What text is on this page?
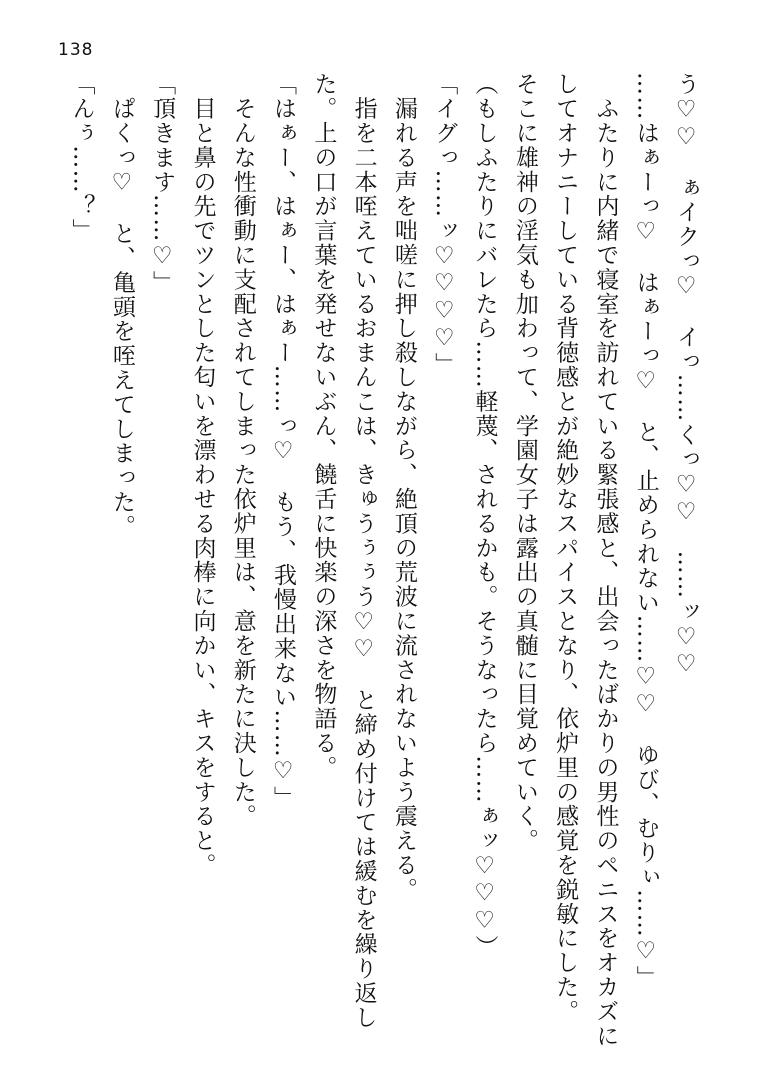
138
う♡♡　ぁイクっ♡　イっ……くっ♡♡　……ッ♡♡
……はぁーっ♡　はぁーっ♡　と、止められない……♡♡　ゆび、むりぃ……♡」
　ふたりに内緒で寝室を訪れている緊張感と、出会ったばかりの男性のペニスをオカズに
してオナニーしている背徳感とが絶妙なスパイスとなり、依炉里の感覚を鋭敏にした。
そこに雄神の淫気も加わって、学園女子は露出の真髄に目覚めていく。
（もしふたりにバレたら……軽蔑、されるかも。そうなったら……ぁッ♡♡♡）
「イグっ……ッ♡♡♡♡」
　漏れる声を咄嗟に押し殺しながら、絶頂の荒波に流されないよう震える。
　指を二本咥えているおまんこは、きゅうぅぅう♡♡　と締め付けては緩むを繰り返し
た。上の口が言葉を発せないぶん、饒舌に快楽の深さを物語る。
「はぁー、はぁー、はぁー……っ♡　もう、我慢出来ない……♡」
　そんな性衝動に支配されてしまった依炉里は、意を新たに決した。
　目と鼻の先でツンとした匂いを漂わせる肉棒に向かい、キスをすると。
「頂きます……♡」
　ぱくっ♡　と、亀頭を咥えてしまった。
「んぅ……？」
